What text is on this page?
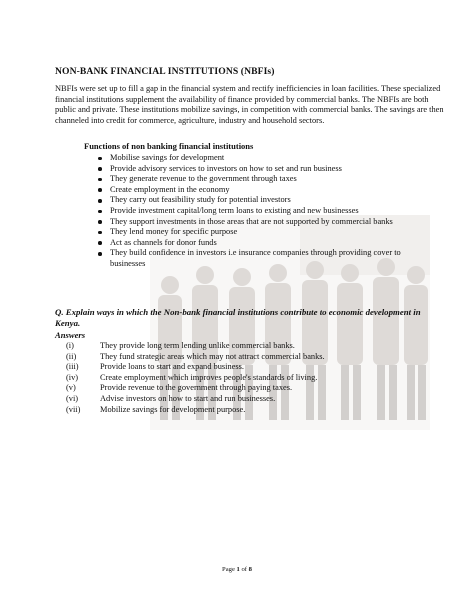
NON-BANK FINANCIAL INSTITUTIONS (NBFIs)

NBFIs were set up to fill a gap in the financial system and rectify inefficiencies in loan facilities. These specialized financial institutions supplement the availability of finance provided by commercial banks. The NBFIs are both public and private. These institutions mobilize savings, in competition with commercial banks. The savings are then channeled into credit for commerce, agriculture, industry and household sectors.

Functions of non banking financial institutions
Mobilise savings for development
Provide advisory services to investors on how to set and run business
They generate revenue to the government through taxes
Create employment in the economy
They carry out feasibility study for potential investors
Provide investment capital/long term loans to existing and new businesses
They support investments in those areas that are not supported by commercial banks
They lend money for specific purpose
Act as channels for donor funds
They build confidence in investors i.e insurance companies through providing cover to businesses

Q. Explain ways in which the Non-bank financial institutions contribute to economic development in Kenya.

Answers
(i)	They provide long term lending unlike commercial banks.
(ii)	They fund strategic areas which may not attract commercial banks.
(iii)	Provide loans to start and expand business.
(iv)	Create employment which improves people's standards of living.
(v)	Provide revenue to the government through paying taxes.
(vi)	Advise investors on how to start and run businesses.
(vii) Mobilize savings for development purpose.
Page 1 of 8
